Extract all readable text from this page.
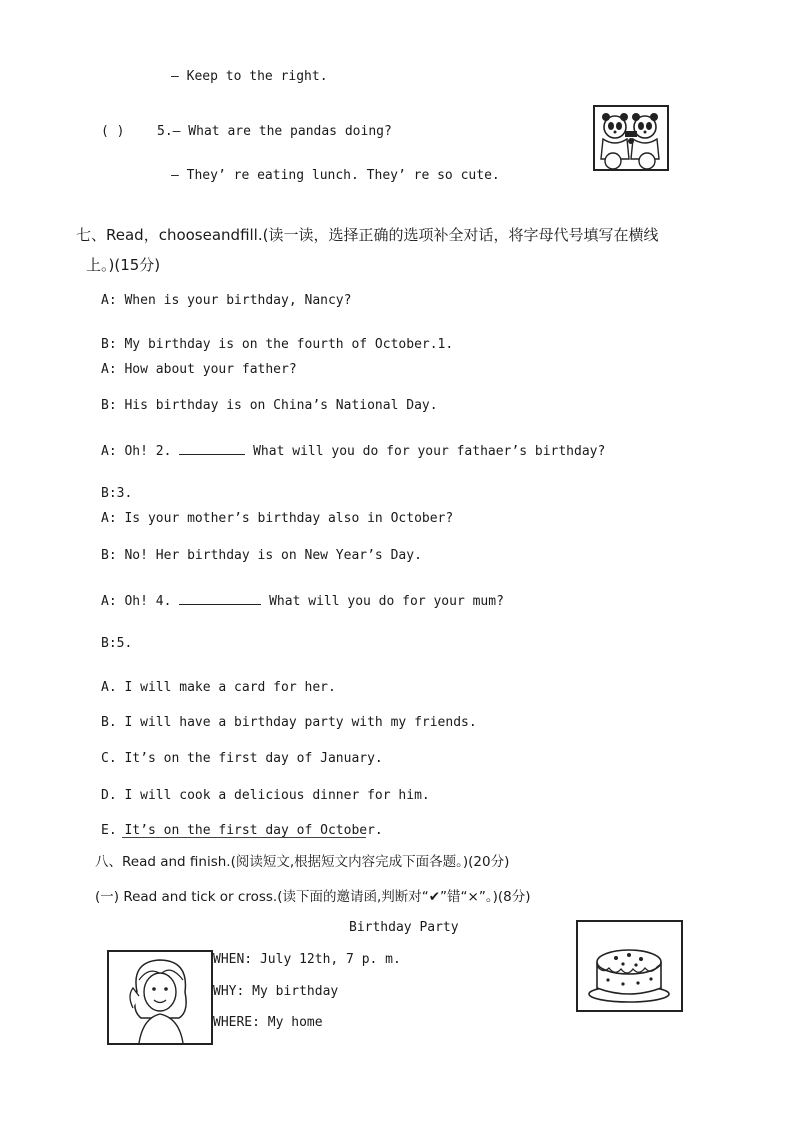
— Keep to the right.
( )	5.— What are the pandas doing?
— They’ re eating lunch. They’ re so cute.
七、Read，chooseandfill.(读一读，选择正确的选项补全对话，将字母代号填写在横线
上。)(15分)
A: When is your birthday, Nancy?
B: My birthday is on the fourth of October.1.
A: How about your father?
B: His birthday is on China’s National Day.
A: Oh! 2.	What will you do for your fathaer’s birthday?
B:3.
A: Is your mother’s birthday also in October?
B: No! Her birthday is on New Year’s Day.
A: Oh! 4.	What will you do for your mum?
B:5.
A. I will make a card for her.
B. I will have a birthday party with my friends.
C. It’s on the first day of January.
D. I will cook a delicious dinner for him.
E. It’s on the first day of October.
八、Read and finish.(阅读短文,根据短文内容完成下面各题。)(20分)
(一) Read and tick or cross.(读下面的邀请函,判断对“✔”错“×”。)(8分)
Birthday Party
WHEN: July 12th, 7 p. m.
WHY: My birthday
WHERE: My home
